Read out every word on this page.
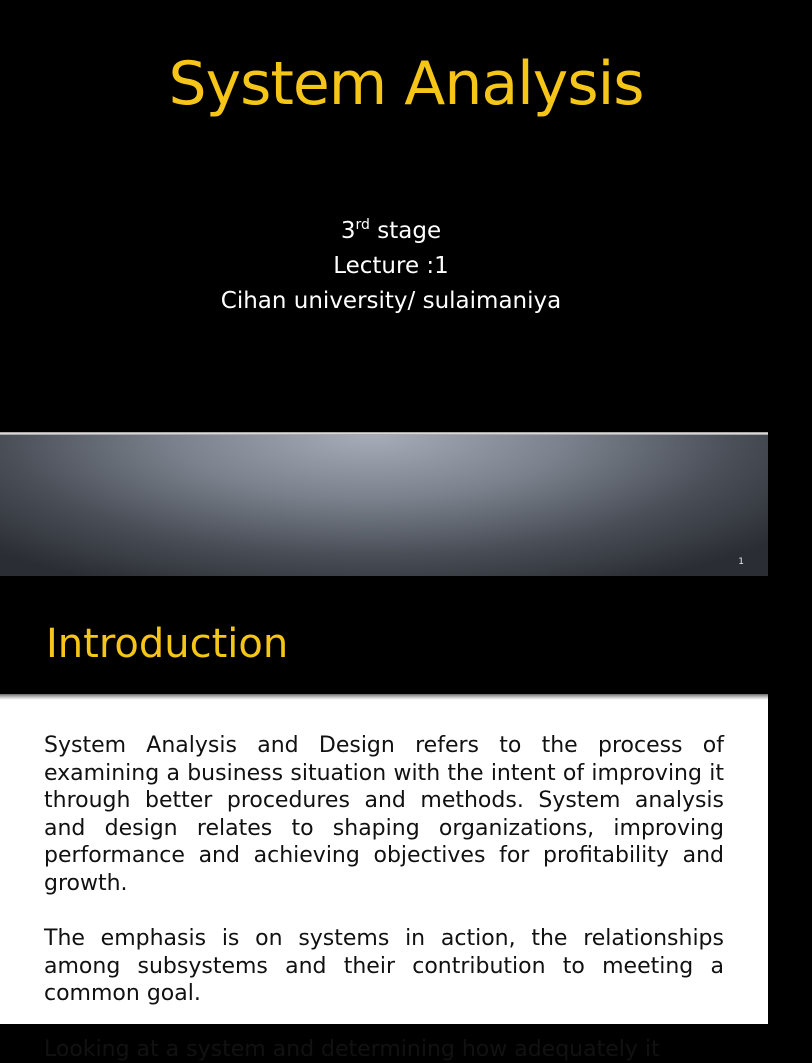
System Analysis
3rd stage
Lecture :1
Cihan university/ sulaimaniya
1
Introduction

System Analysis and Design refers to the process of examining a business situation with the intent of improving it through better procedures and methods. System analysis and design relates to shaping organizations, improving performance and achieving objectives for profitability and growth.

The emphasis is on systems in action, the relationships among subsystems and their contribution to meeting a common goal.

Looking at a system and determining how adequately it
